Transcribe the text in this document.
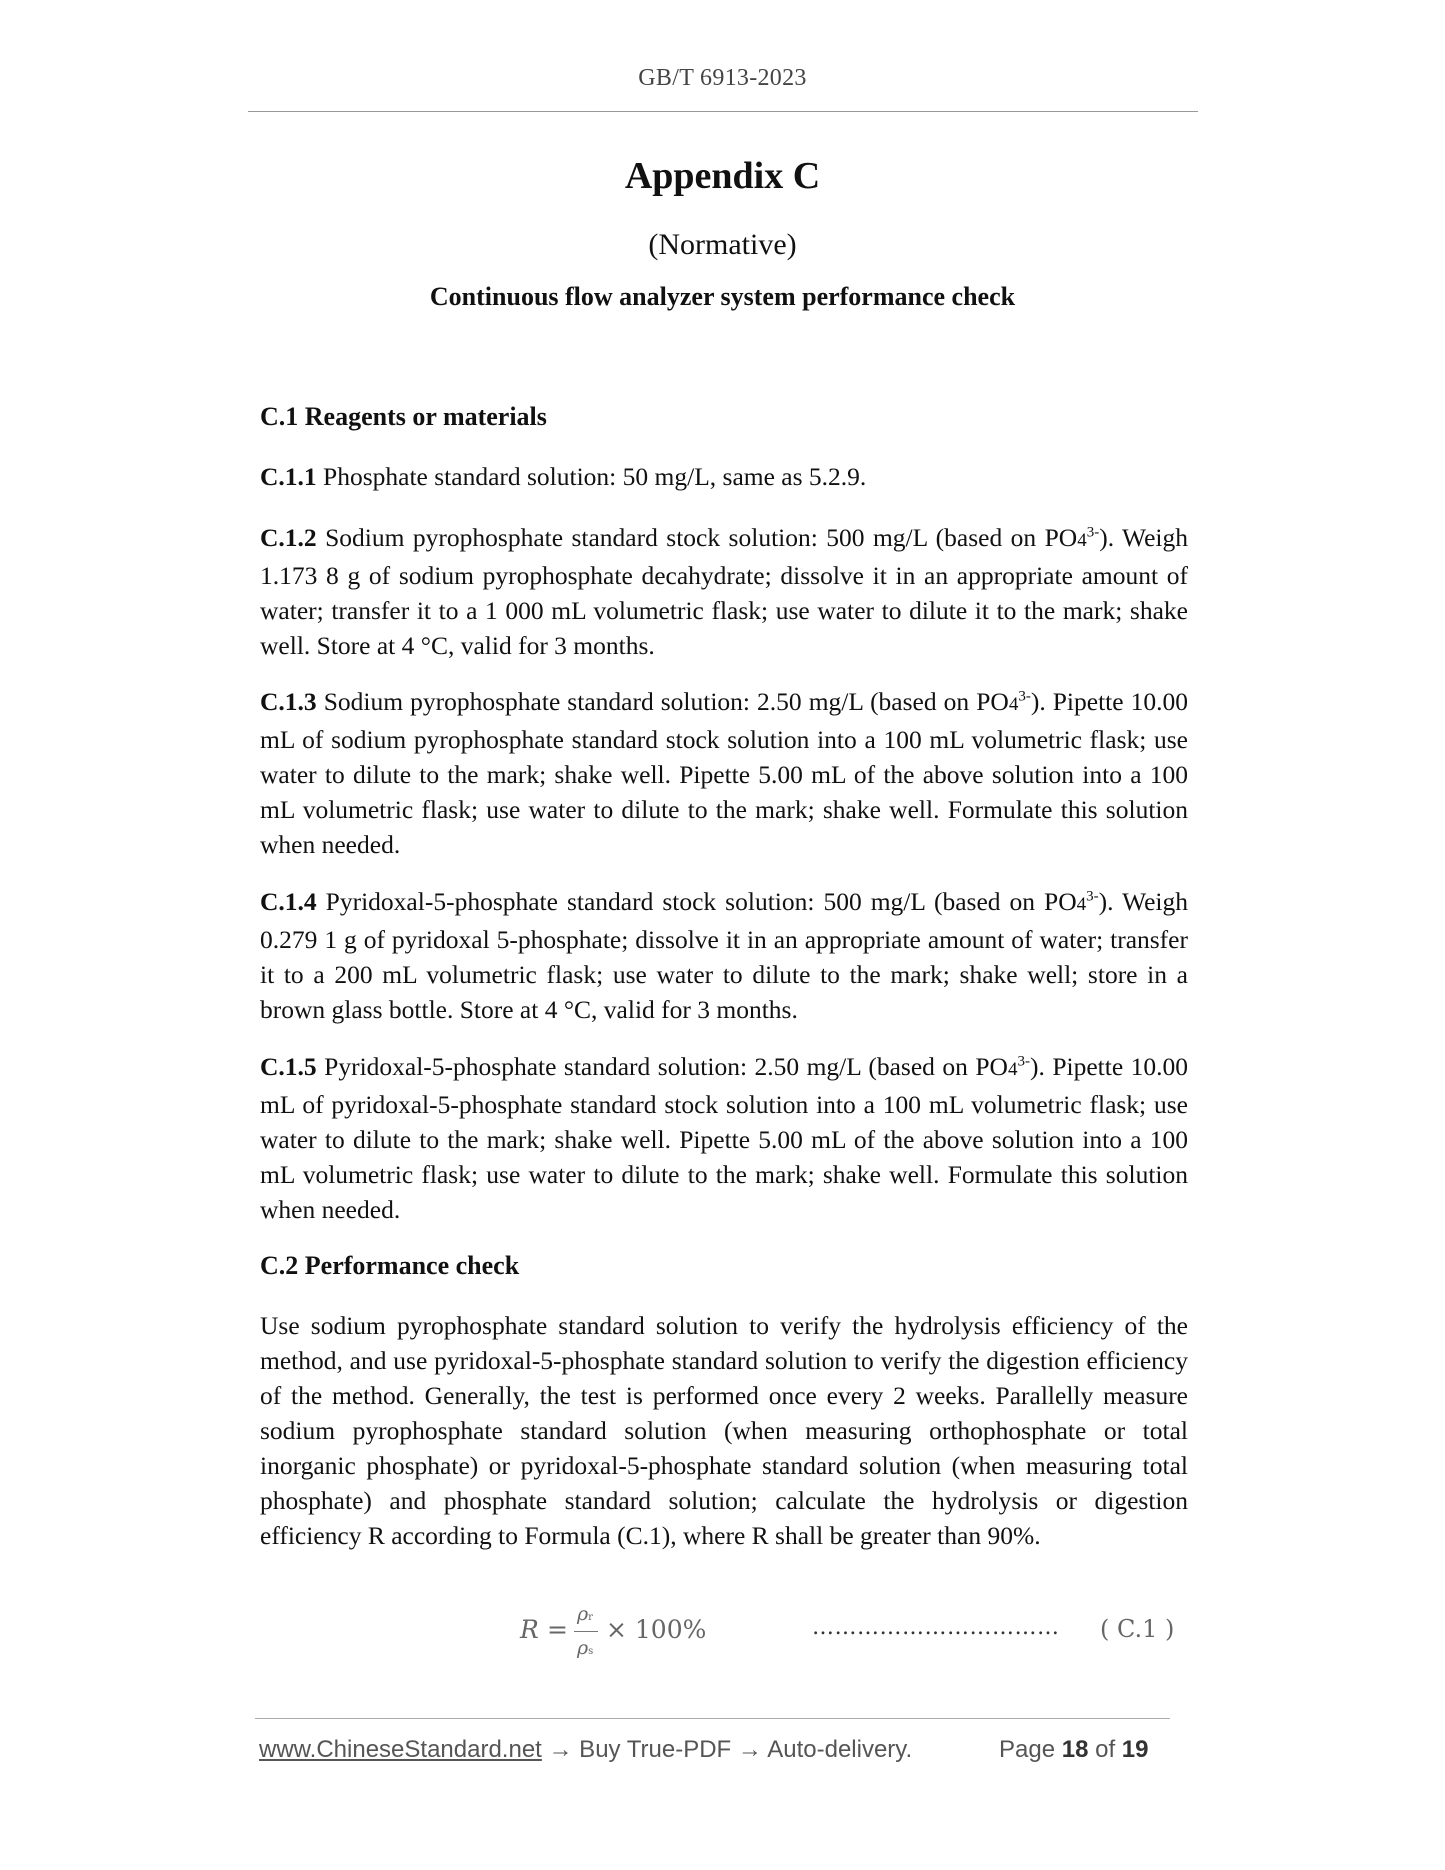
GB/T 6913-2023
Appendix C
(Normative)
Continuous flow analyzer system performance check
C.1 Reagents or materials

C.1.1 Phosphate standard solution: 50 mg/L, same as 5.2.9.

C.1.2 Sodium pyrophosphate standard stock solution: 500 mg/L (based on $PO4^{3-}$). Weigh 1.173 8 g of sodium pyrophosphate decahydrate; dissolve it in an appropriate amount of water; transfer it to a 1 000 mL volumetric flask; use water to dilute it to the mark; shake well. Store at 4 °C, valid for 3 months.

C.1.3 Sodium pyrophosphate standard solution: 2.50 mg/L (based on $PO4^{3-}$). Pipette 10.00 mL of sodium pyrophosphate standard stock solution into a 100 mL volumetric flask; use water to dilute to the mark; shake well. Pipette 5.00 mL of the above solution into a 100 mL volumetric flask; use water to dilute to the mark; shake well. Formulate this solution when needed.

C.1.4 Pyridoxal-5-phosphate standard stock solution: 500 mg/L (based on $PO4^{3-}$). Weigh 0.279 1 g of pyridoxal 5-phosphate; dissolve it in an appropriate amount of water; transfer it to a 200 mL volumetric flask; use water to dilute to the mark; shake well; store in a brown glass bottle. Store at 4 °C, valid for 3 months.

C.1.5 Pyridoxal-5-phosphate standard solution: 2.50 mg/L (based on $PO4^{3-}$). Pipette 10.00 mL of pyridoxal-5-phosphate standard stock solution into a 100 mL volumetric flask; use water to dilute to the mark; shake well. Pipette 5.00 mL of the above solution into a 100 mL volumetric flask; use water to dilute to the mark; shake well. Formulate this solution when needed.

C.2 Performance check

Use sodium pyrophosphate standard solution to verify the hydrolysis efficiency of the method, and use pyridoxal-5-phosphate standard solution to verify the digestion efficiency of the method. Generally, the test is performed once every 2 weeks. Parallelly measure sodium pyrophosphate standard solution (when measuring orthophosphate or total inorganic phosphate) or pyridoxal-5-phosphate standard solution (when measuring total phosphate) and phosphate standard solution; calculate the hydrolysis or digestion efficiency R according to Formula (C.1), where R shall be greater than 90%.

R =
ρr
ρs
× 100%	…………………………… ( C.1 )
www.ChineseStandard.net → Buy True-PDF → Auto-delivery.	Page 18 of 19
